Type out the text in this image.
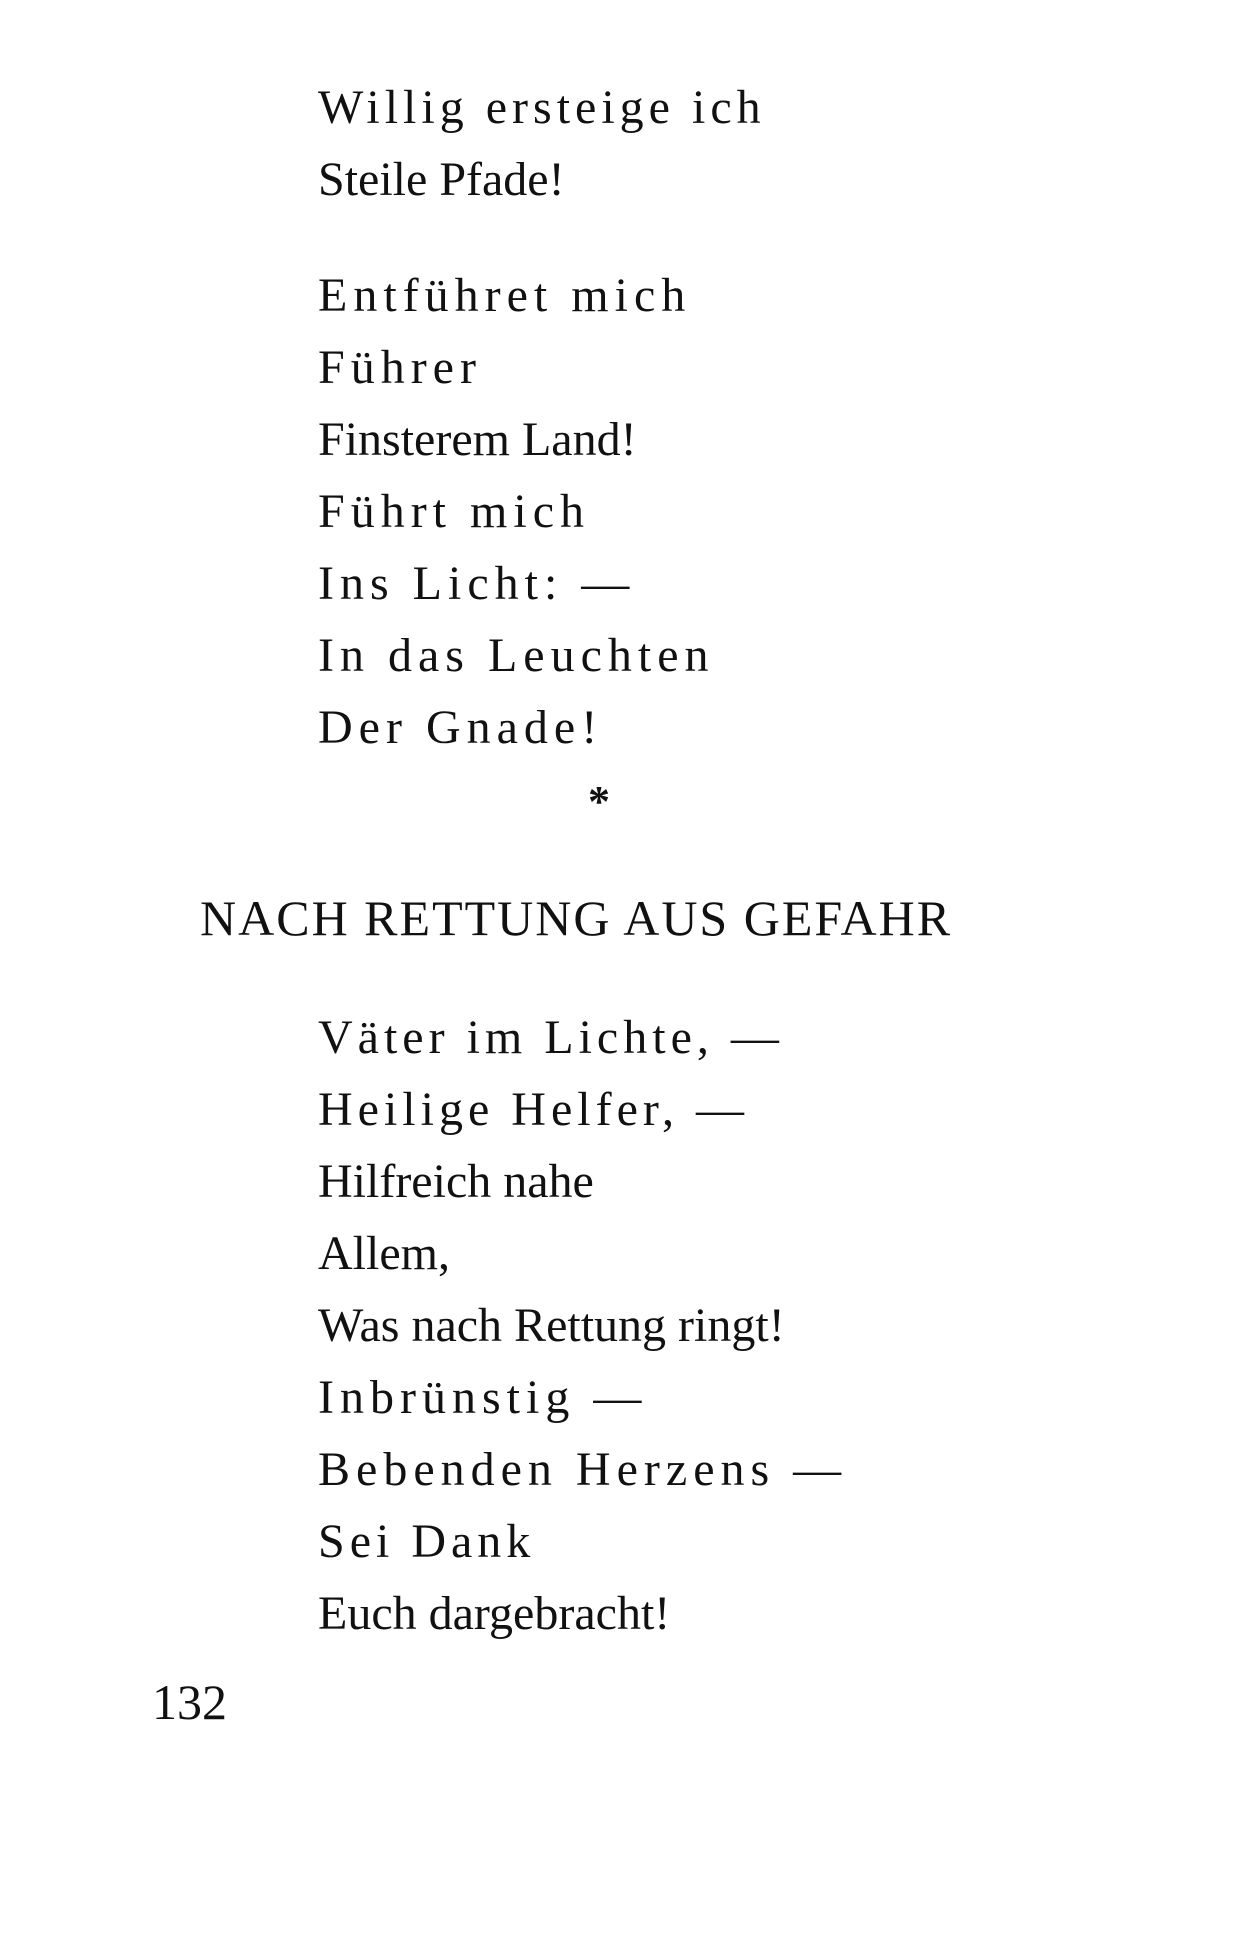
Willig ersteige ich
Steile Pfade!
Entführet mich
Führer
Finsterem Land!
Führt mich
Ins Licht: —
In das Leuchten
Der Gnade!
*
NACH RETTUNG AUS GEFAHR
Väter im Lichte, —
Heilige Helfer, —
Hilfreich nahe
Allem,
Was nach Rettung ringt!
Inbrünstig —
Bebenden Herzens —
Sei Dank
Euch dargebracht!
132
